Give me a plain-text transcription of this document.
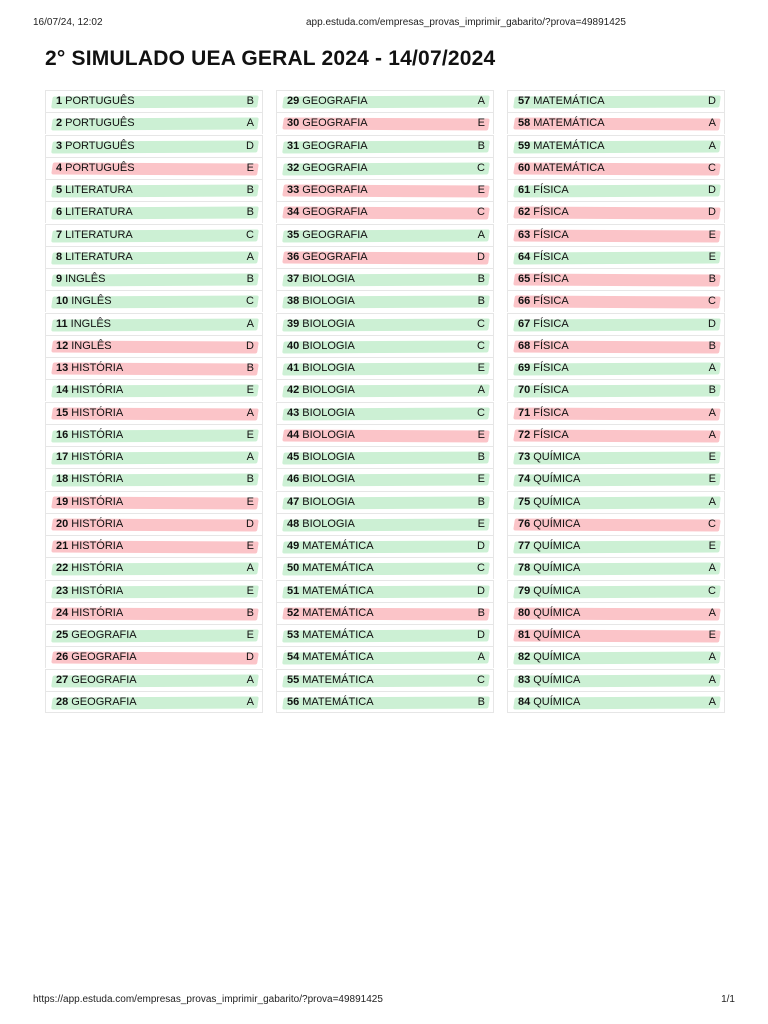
16/07/24, 12:02	app.estuda.com/empresas_provas_imprimir_gabarito/?prova=49891425
2° SIMULADO UEA GERAL 2024 - 14/07/2024
1 PORTUGUÊS	B
2 PORTUGUÊS	A
3 PORTUGUÊS	D
4 PORTUGUÊS	E
5 LITERATURA	B
6 LITERATURA	B
7 LITERATURA	C
8 LITERATURA	A
9 INGLÊS	B
10 INGLÊS	C
11 INGLÊS	A
12 INGLÊS	D
13 HISTÓRIA	B
14 HISTÓRIA	E
15 HISTÓRIA	A
16 HISTÓRIA	E
17 HISTÓRIA	A
18 HISTÓRIA	B
19 HISTÓRIA	E
20 HISTÓRIA	D
21 HISTÓRIA	E
22 HISTÓRIA	A
23 HISTÓRIA	E
24 HISTÓRIA	B
25 GEOGRAFIA	E
26 GEOGRAFIA	D
27 GEOGRAFIA	A
28 GEOGRAFIA	A
29 GEOGRAFIA	A
30 GEOGRAFIA	E
31 GEOGRAFIA	B
32 GEOGRAFIA	C
33 GEOGRAFIA	E
34 GEOGRAFIA	C
35 GEOGRAFIA	A
36 GEOGRAFIA	D
37 BIOLOGIA	B
38 BIOLOGIA	B
39 BIOLOGIA	C
40 BIOLOGIA	C
41 BIOLOGIA	E
42 BIOLOGIA	A
43 BIOLOGIA	C
44 BIOLOGIA	E
45 BIOLOGIA	B
46 BIOLOGIA	E
47 BIOLOGIA	B
48 BIOLOGIA	E
49 MATEMÁTICA	D
50 MATEMÁTICA	C
51 MATEMÁTICA	D
52 MATEMÁTICA	B
53 MATEMÁTICA	D
54 MATEMÁTICA	A
55 MATEMÁTICA	C
56 MATEMÁTICA	B
57 MATEMÁTICA	D
58 MATEMÁTICA	A
59 MATEMÁTICA	A
60 MATEMÁTICA	C
61 FÍSICA	D
62 FÍSICA	D
63 FÍSICA	E
64 FÍSICA	E
65 FÍSICA	B
66 FÍSICA	C
67 FÍSICA	D
68 FÍSICA	B
69 FÍSICA	A
70 FÍSICA	B
71 FÍSICA	A
72 FÍSICA	A
73 QUÍMICA	E
74 QUÍMICA	E
75 QUÍMICA	A
76 QUÍMICA	C
77 QUÍMICA	E
78 QUÍMICA	A
79 QUÍMICA	C
80 QUÍMICA	A
81 QUÍMICA	E
82 QUÍMICA	A
83 QUÍMICA	A
84 QUÍMICA	A
https://app.estuda.com/empresas_provas_imprimir_gabarito/?prova=49891425	1/1
